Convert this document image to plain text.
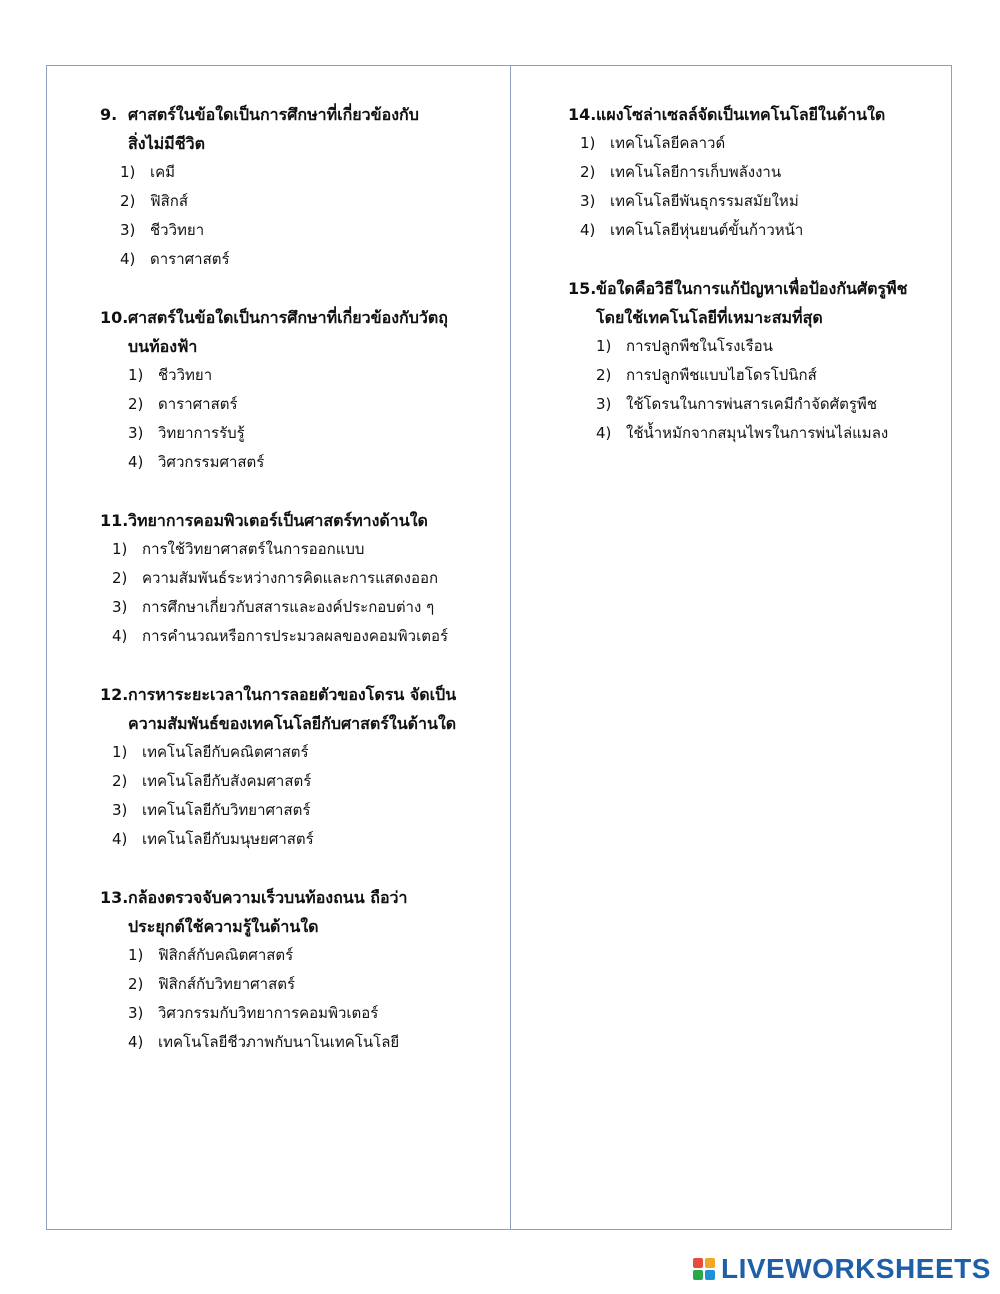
9. ศาสตร์ในข้อใดเป็นการศึกษาที่เกี่ยวข้องกับ
สิ่งไม่มีชีวิต
1) เคมี
2) ฟิสิกส์
3) ชีววิทยา
4) ดาราศาสตร์
10. ศาสตร์ในข้อใดเป็นการศึกษาที่เกี่ยวข้องกับวัตถุ
บนท้องฟ้า
1) ชีววิทยา
2) ดาราศาสตร์
3) วิทยาการรับรู้
4) วิศวกรรมศาสตร์
11. วิทยาการคอมพิวเตอร์เป็นศาสตร์ทางด้านใด
1) การใช้วิทยาศาสตร์ในการออกแบบ
2) ความสัมพันธ์ระหว่างการคิดและการแสดงออก
3) การศึกษาเกี่ยวกับสสารและองค์ประกอบต่าง ๆ
4) การคำนวณหรือการประมวลผลของคอมพิวเตอร์
12. การหาระยะเวลาในการลอยตัวของโดรน จัดเป็น
ความสัมพันธ์ของเทคโนโลยีกับศาสตร์ในด้านใด
1) เทคโนโลยีกับคณิตศาสตร์
2) เทคโนโลยีกับสังคมศาสตร์
3) เทคโนโลยีกับวิทยาศาสตร์
4) เทคโนโลยีกับมนุษยศาสตร์
13. กล้องตรวจจับความเร็วบนท้องถนน ถือว่า
ประยุกต์ใช้ความรู้ในด้านใด
1) ฟิสิกส์กับคณิตศาสตร์
2) ฟิสิกส์กับวิทยาศาสตร์
3) วิศวกรรมกับวิทยาการคอมพิวเตอร์
4) เทคโนโลยีชีวภาพกับนาโนเทคโนโลยี
14. แผงโซล่าเซลล์จัดเป็นเทคโนโลยีในด้านใด
1) เทคโนโลยีคลาวด์
2) เทคโนโลยีการเก็บพลังงาน
3) เทคโนโลยีพันธุกรรมสมัยใหม่
4) เทคโนโลยีหุ่นยนต์ขั้นก้าวหน้า
15. ข้อใดคือวิธีในการแก้ปัญหาเพื่อป้องกันศัตรูพืช
โดยใช้เทคโนโลยีที่เหมาะสมที่สุด
1) การปลูกพืชในโรงเรือน
2) การปลูกพืชแบบไฮโดรโปนิกส์
3) ใช้โดรนในการพ่นสารเคมีกำจัดศัตรูพืช
4) ใช้น้ำหมักจากสมุนไพรในการพ่นไล่แมลง
LIVEWORKSHEETS
